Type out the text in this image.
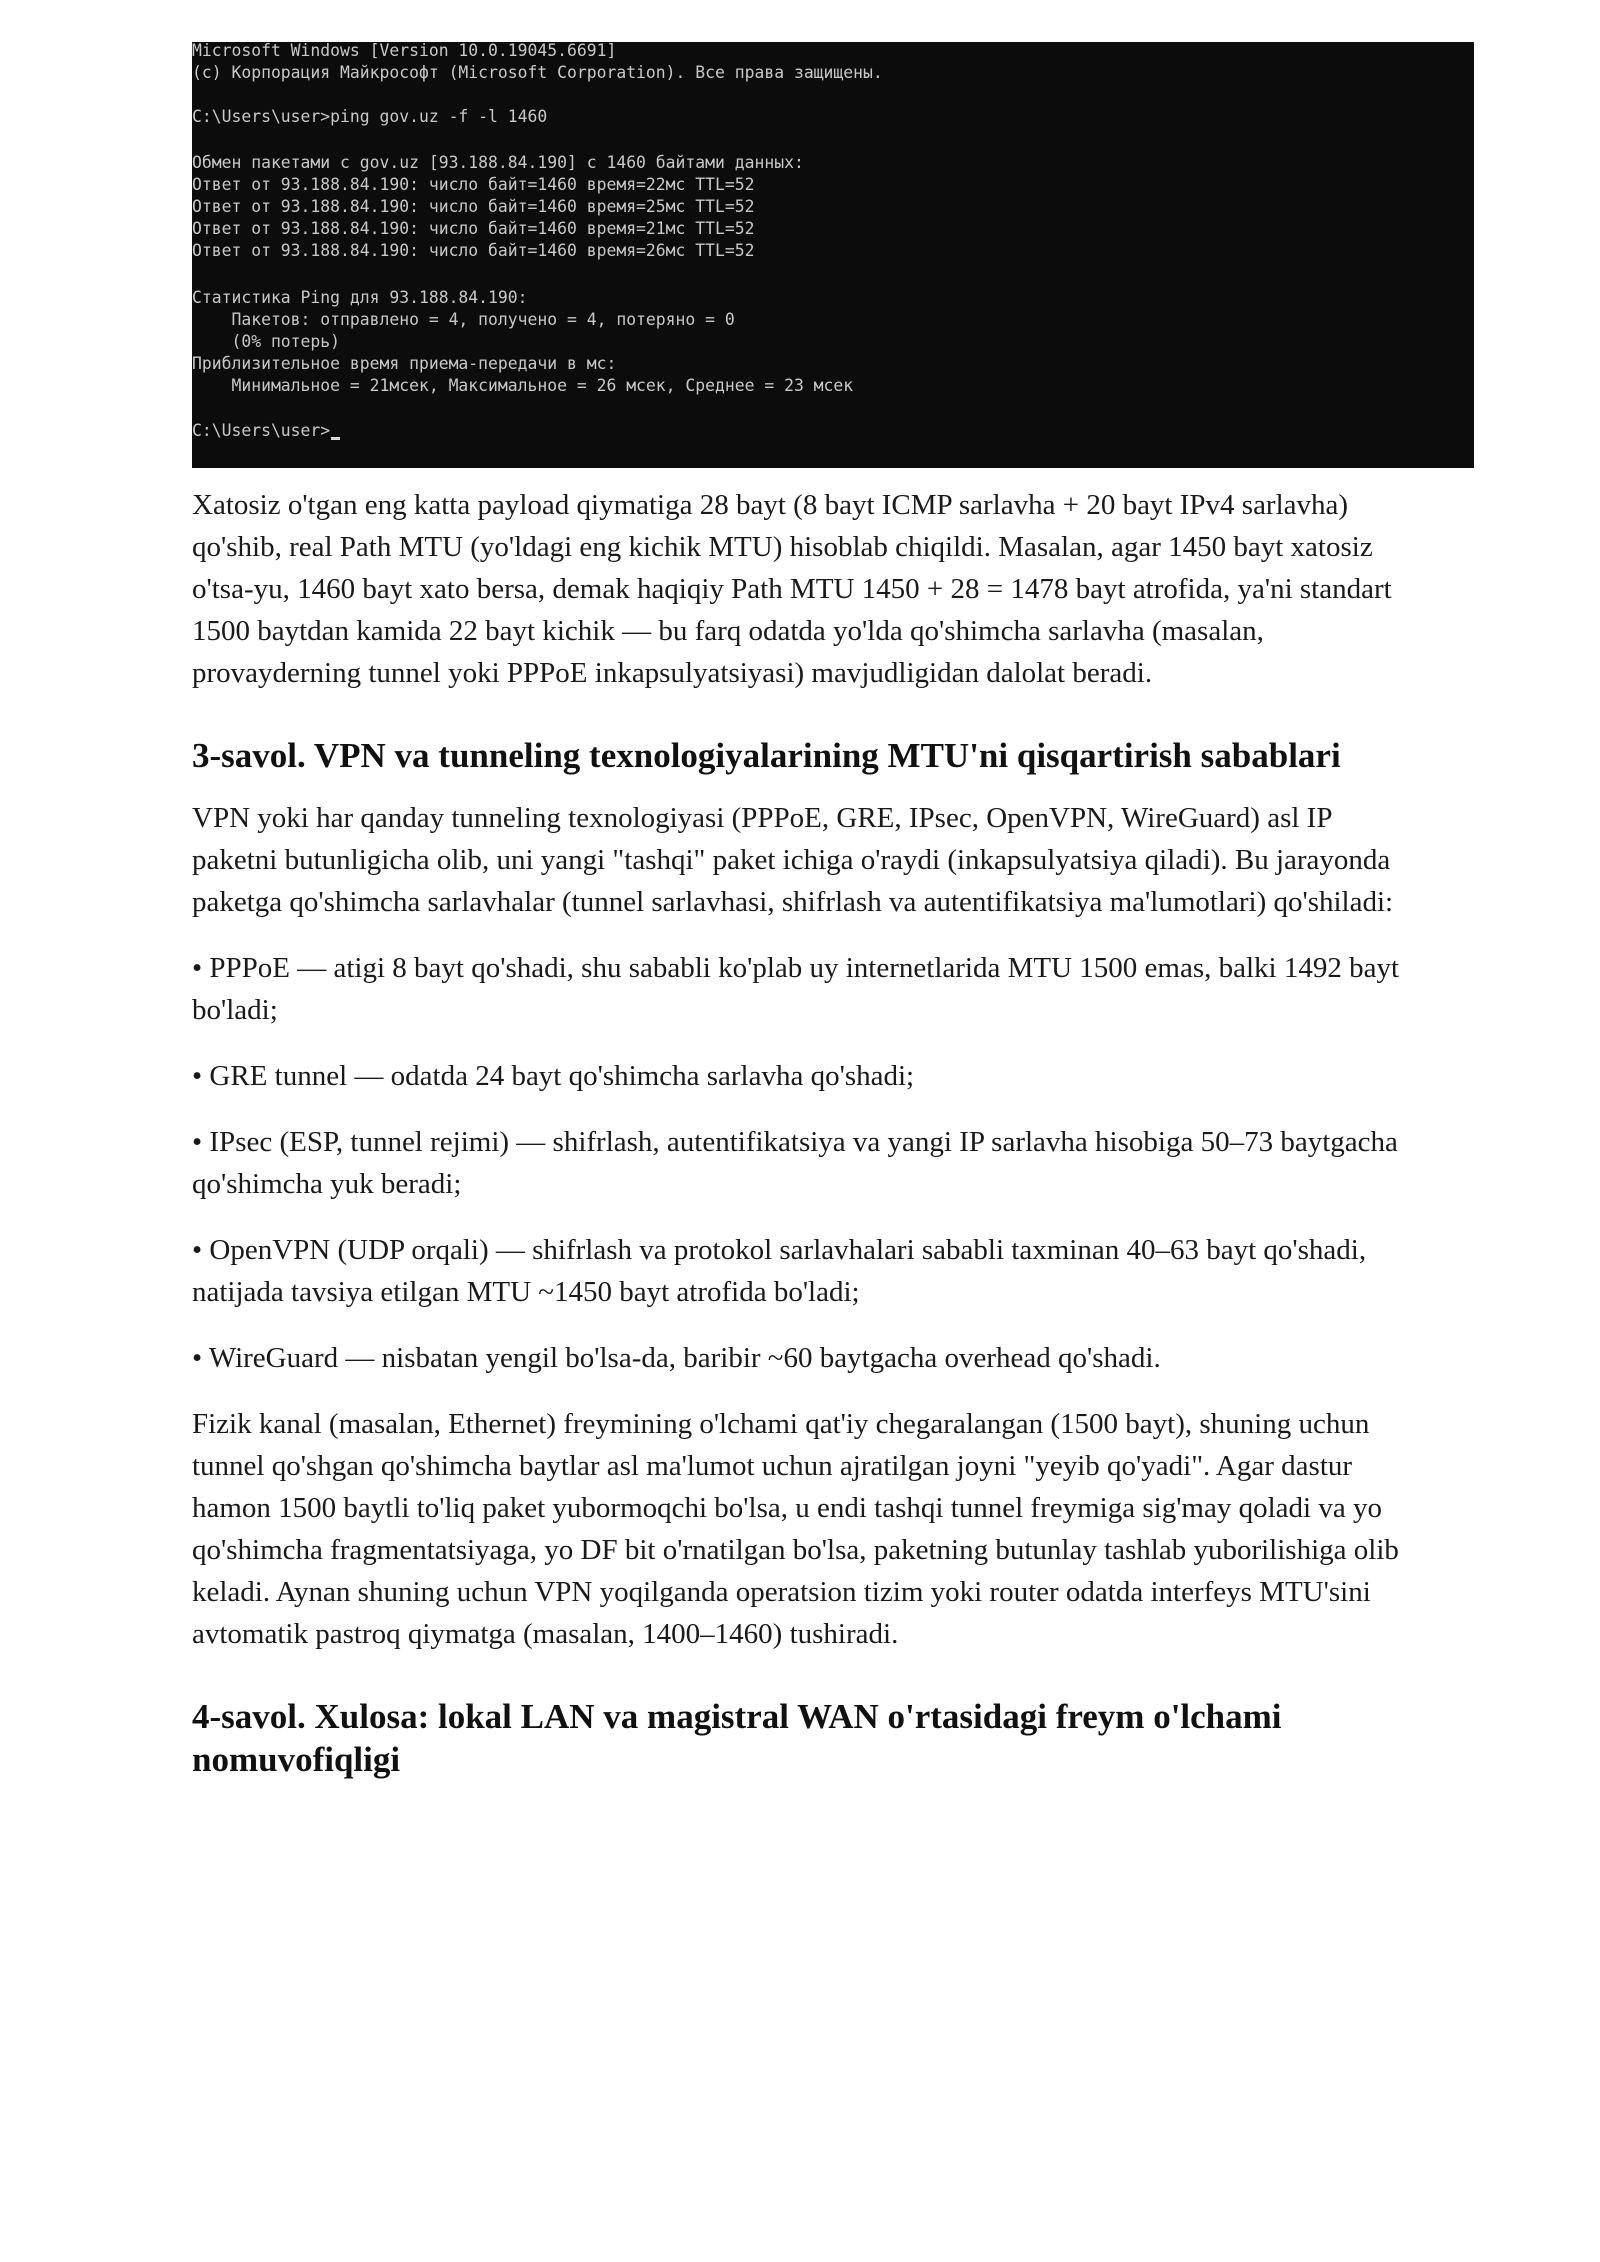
Microsoft Windows [Version 10.0.19045.6691]
(c) Корпорация Майкрософт (Microsoft Corporation). Все права защищены.
C:\Users\user>ping gov.uz -f -l 1460
Обмен пакетами с gov.uz [93.188.84.190] с 1460 байтами данных:
Ответ от 93.188.84.190: число байт=1460 время=22мс TTL=52
Ответ от 93.188.84.190: число байт=1460 время=25мс TTL=52
Ответ от 93.188.84.190: число байт=1460 время=21мс TTL=52
Ответ от 93.188.84.190: число байт=1460 время=26мс TTL=52
Статистика Ping для 93.188.84.190:
Пакетов: отправлено = 4, получено = 4, потеряно = 0
(0% потерь)
Приблизительное время приема-передачи в мс:
Минимальное = 21мсек, Максимальное = 26 мсек, Среднее = 23 мсек
C:\Users\user>

Xatosiz o'tgan eng katta payload qiymatiga 28 bayt (8 bayt ICMP sarlavha + 20 bayt IPv4 sarlavha) qo'shib, real Path MTU (yo'ldagi eng kichik MTU) hisoblab chiqildi. Masalan, agar 1450 bayt xatosiz o'tsa-yu, 1460 bayt xato bersa, demak haqiqiy Path MTU 1450 + 28 = 1478 bayt atrofida, ya'ni standart 1500 baytdan kamida 22 bayt kichik — bu farq odatda yo'lda qo'shimcha sarlavha (masalan, provayderning tunnel yoki PPPoE inkapsulyatsiyasi) mavjudligidan dalolat beradi.

3-savol. VPN va tunneling texnologiyalarining MTU'ni qisqartirish sabablari

VPN yoki har qanday tunneling texnologiyasi (PPPoE, GRE, IPsec, OpenVPN, WireGuard) asl IP paketni butunligicha olib, uni yangi "tashqi" paket ichiga o'raydi (inkapsulyatsiya qiladi). Bu jarayonda paketga qo'shimcha sarlavhalar (tunnel sarlavhasi, shifrlash va autentifikatsiya ma'lumotlari) qo'shiladi:

• PPPoE — atigi 8 bayt qo'shadi, shu sababli ko'plab uy internetlarida MTU 1500 emas, balki 1492 bayt bo'ladi;

• GRE tunnel — odatda 24 bayt qo'shimcha sarlavha qo'shadi;

• IPsec (ESP, tunnel rejimi) — shifrlash, autentifikatsiya va yangi IP sarlavha hisobiga 50–73 baytgacha qo'shimcha yuk beradi;

• OpenVPN (UDP orqali) — shifrlash va protokol sarlavhalari sababli taxminan 40–63 bayt qo'shadi, natijada tavsiya etilgan MTU ~1450 bayt atrofida bo'ladi;

• WireGuard — nisbatan yengil bo'lsa-da, baribir ~60 baytgacha overhead qo'shadi.

Fizik kanal (masalan, Ethernet) freymining o'lchami qat'iy chegaralangan (1500 bayt), shuning uchun tunnel qo'shgan qo'shimcha baytlar asl ma'lumot uchun ajratilgan joyni "yeyib qo'yadi". Agar dastur hamon 1500 baytli to'liq paket yubormoqchi bo'lsa, u endi tashqi tunnel freymiga sig'may qoladi va yo qo'shimcha fragmentatsiyaga, yo DF bit o'rnatilgan bo'lsa, paketning butunlay tashlab yuborilishiga olib keladi. Aynan shuning uchun VPN yoqilganda operatsion tizim yoki router odatda interfeys MTU'sini avtomatik pastroq qiymatga (masalan, 1400–1460) tushiradi.

4-savol. Xulosa: lokal LAN va magistral WAN o'rtasidagi freym o'lchami nomuvofiqligi
